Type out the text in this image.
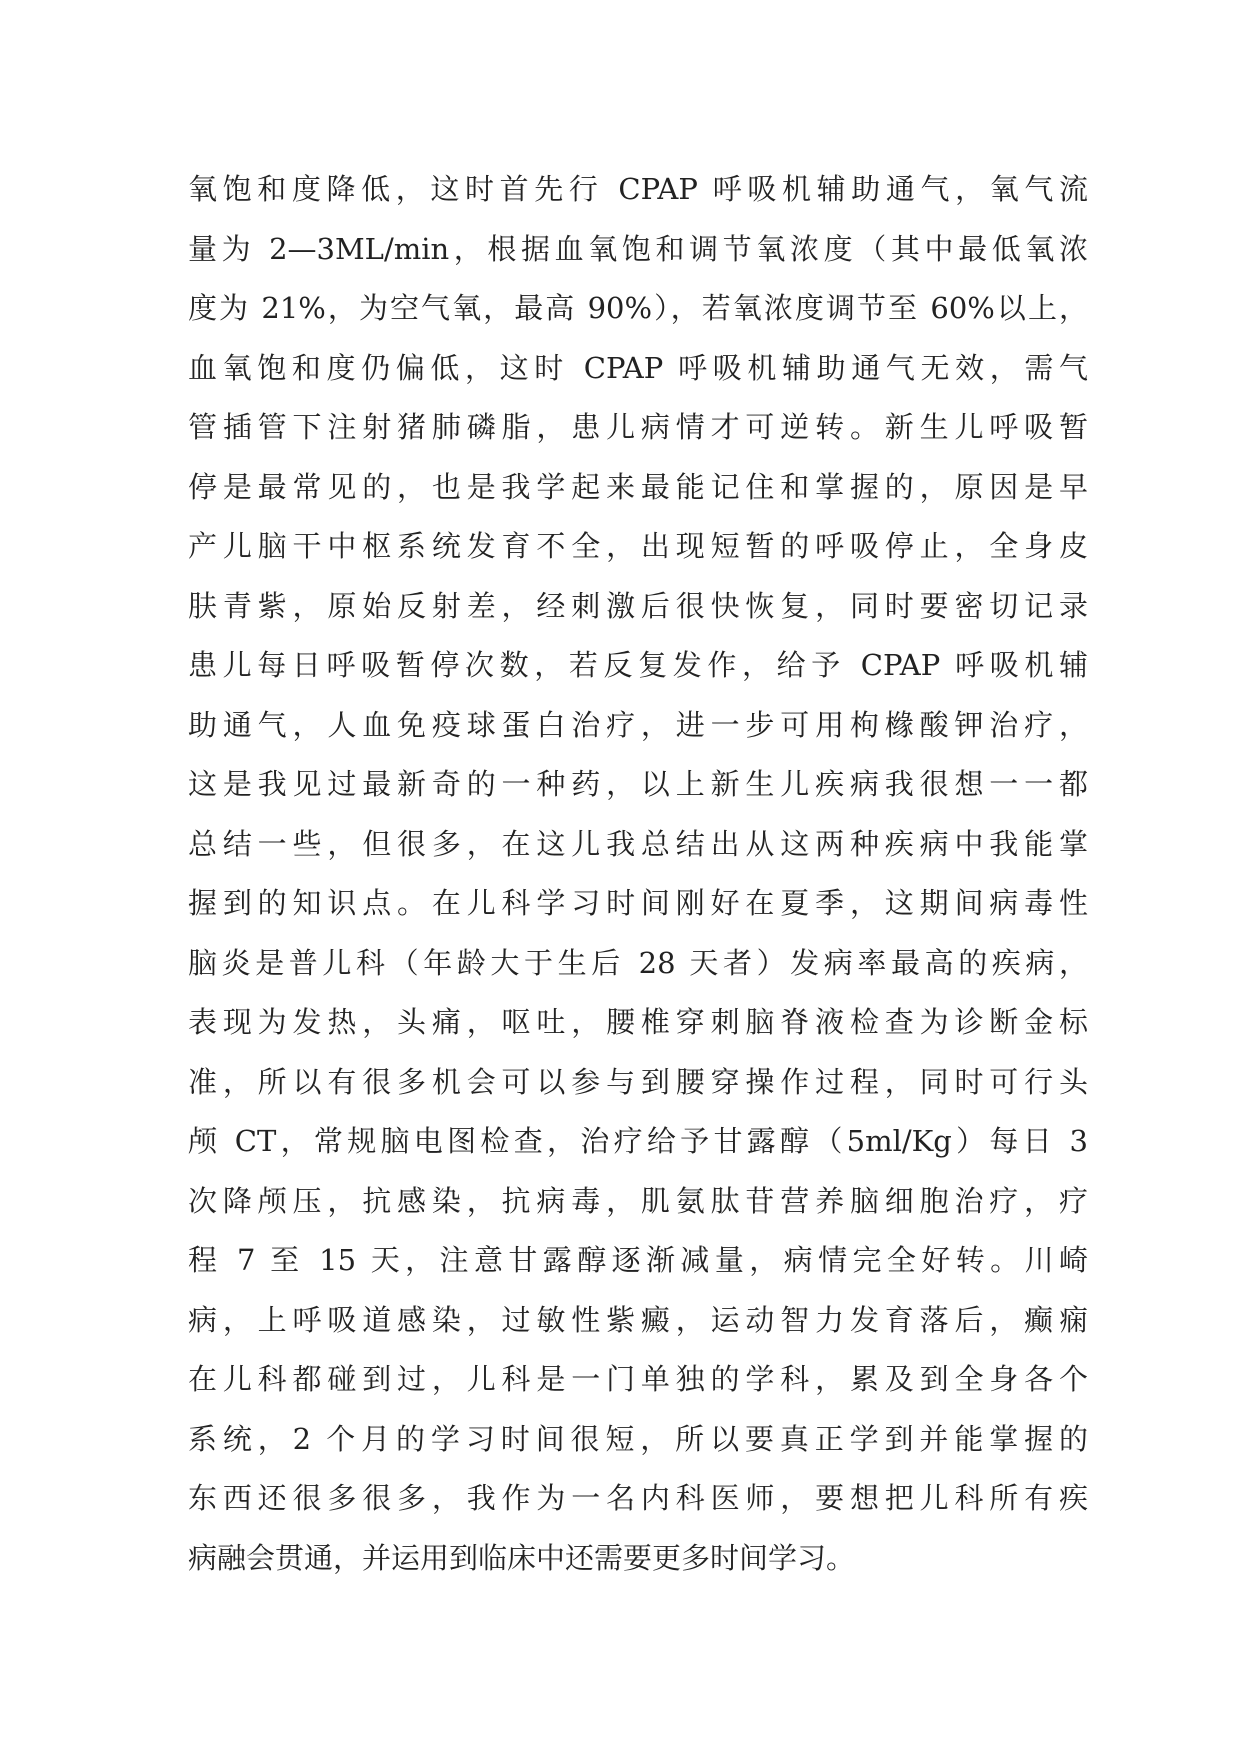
氧饱和度降低，这时首先行 CPAP 呼吸机辅助通气，氧气流
量为 2—3ML/min，根据血氧饱和调节氧浓度（其中最低氧浓
度为 21%，为空气氧，最高 90%），若氧浓度调节至 60%以上，
血氧饱和度仍偏低，这时 CPAP 呼吸机辅助通气无效，需气
管插管下注射猪肺磷脂，患儿病情才可逆转。新生儿呼吸暂
停是最常见的，也是我学起来最能记住和掌握的，原因是早
产儿脑干中枢系统发育不全，出现短暂的呼吸停止，全身皮
肤青紫，原始反射差，经刺激后很快恢复，同时要密切记录
患儿每日呼吸暂停次数，若反复发作，给予 CPAP 呼吸机辅
助通气，人血免疫球蛋白治疗，进一步可用枸橼酸钾治疗，
这是我见过最新奇的一种药，以上新生儿疾病我很想一一都
总结一些，但很多，在这儿我总结出从这两种疾病中我能掌
握到的知识点。在儿科学习时间刚好在夏季，这期间病毒性
脑炎是普儿科（年龄大于生后 28 天者）发病率最高的疾病，
表现为发热，头痛，呕吐，腰椎穿刺脑脊液检查为诊断金标
准，所以有很多机会可以参与到腰穿操作过程，同时可行头
颅 CT，常规脑电图检查，治疗给予甘露醇（5ml/Kg）每日 3
次降颅压，抗感染，抗病毒，肌氨肽苷营养脑细胞治疗，疗
程 7 至 15 天，注意甘露醇逐渐减量，病情完全好转。川崎
病，上呼吸道感染，过敏性紫癜，运动智力发育落后，癫痫
在儿科都碰到过，儿科是一门单独的学科，累及到全身各个
系统，2 个月的学习时间很短，所以要真正学到并能掌握的
东西还很多很多，我作为一名内科医师，要想把儿科所有疾
病融会贯通，并运用到临床中还需要更多时间学习。
